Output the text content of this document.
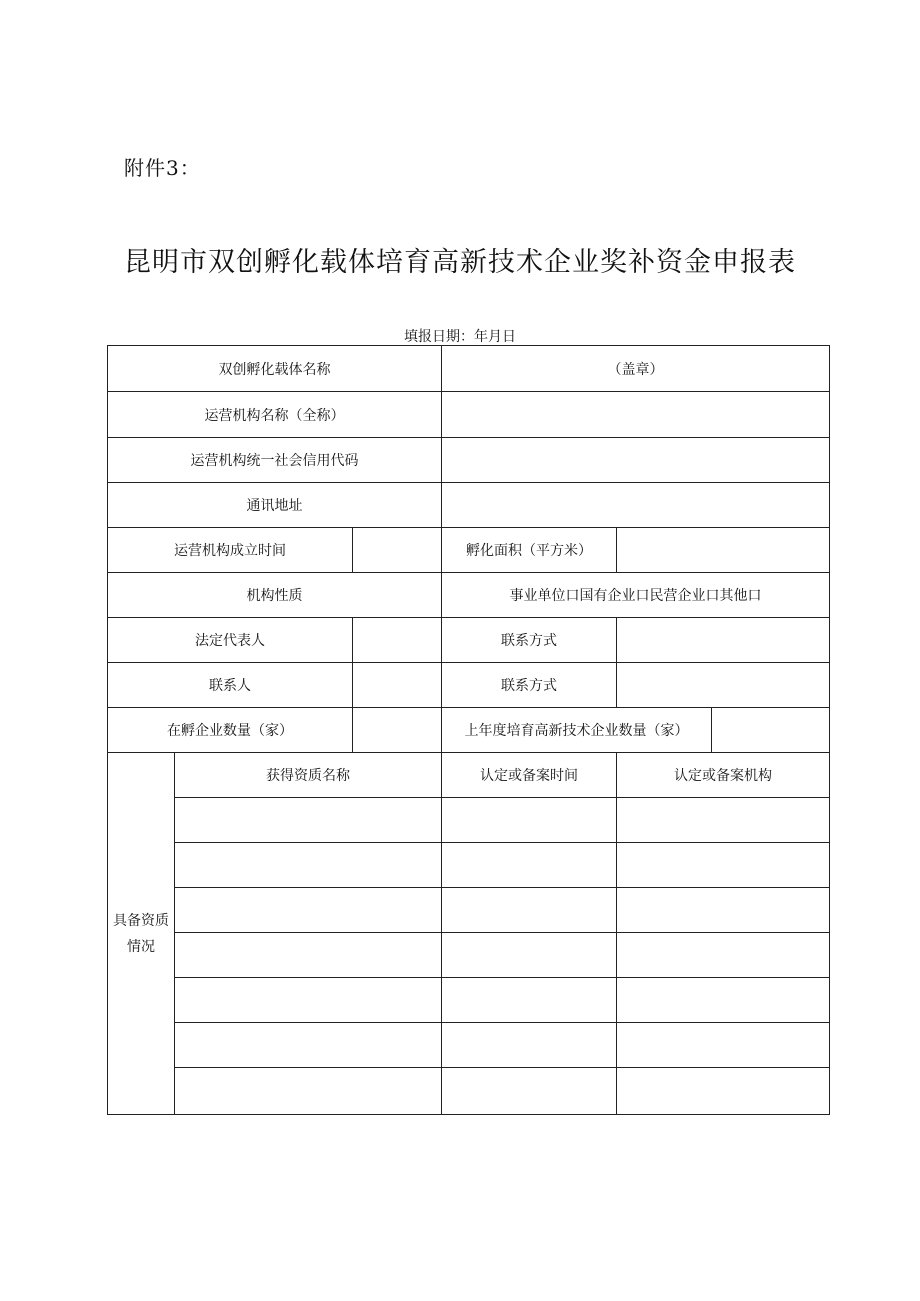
附件3：
昆明市双创孵化载体培育高新技术企业奖补资金申报表
填报日期：年月日
双创孵化载体名称			（盖章）		
运营机构名称（全称）					
运营机构统一社会信用代码					
通讯地址					
运营机构成立时间			孵化面积（平方米）		
机构性质			事业单位口国有企业口民营企业口其他口		
法定代表人			联系方式		
联系人			联系方式		
在孵企业数量（家）			上年度培育高新技术企业数量（家）		
具备资质情况	获得资质名称		认定或备案时间	认定或备案机构	
